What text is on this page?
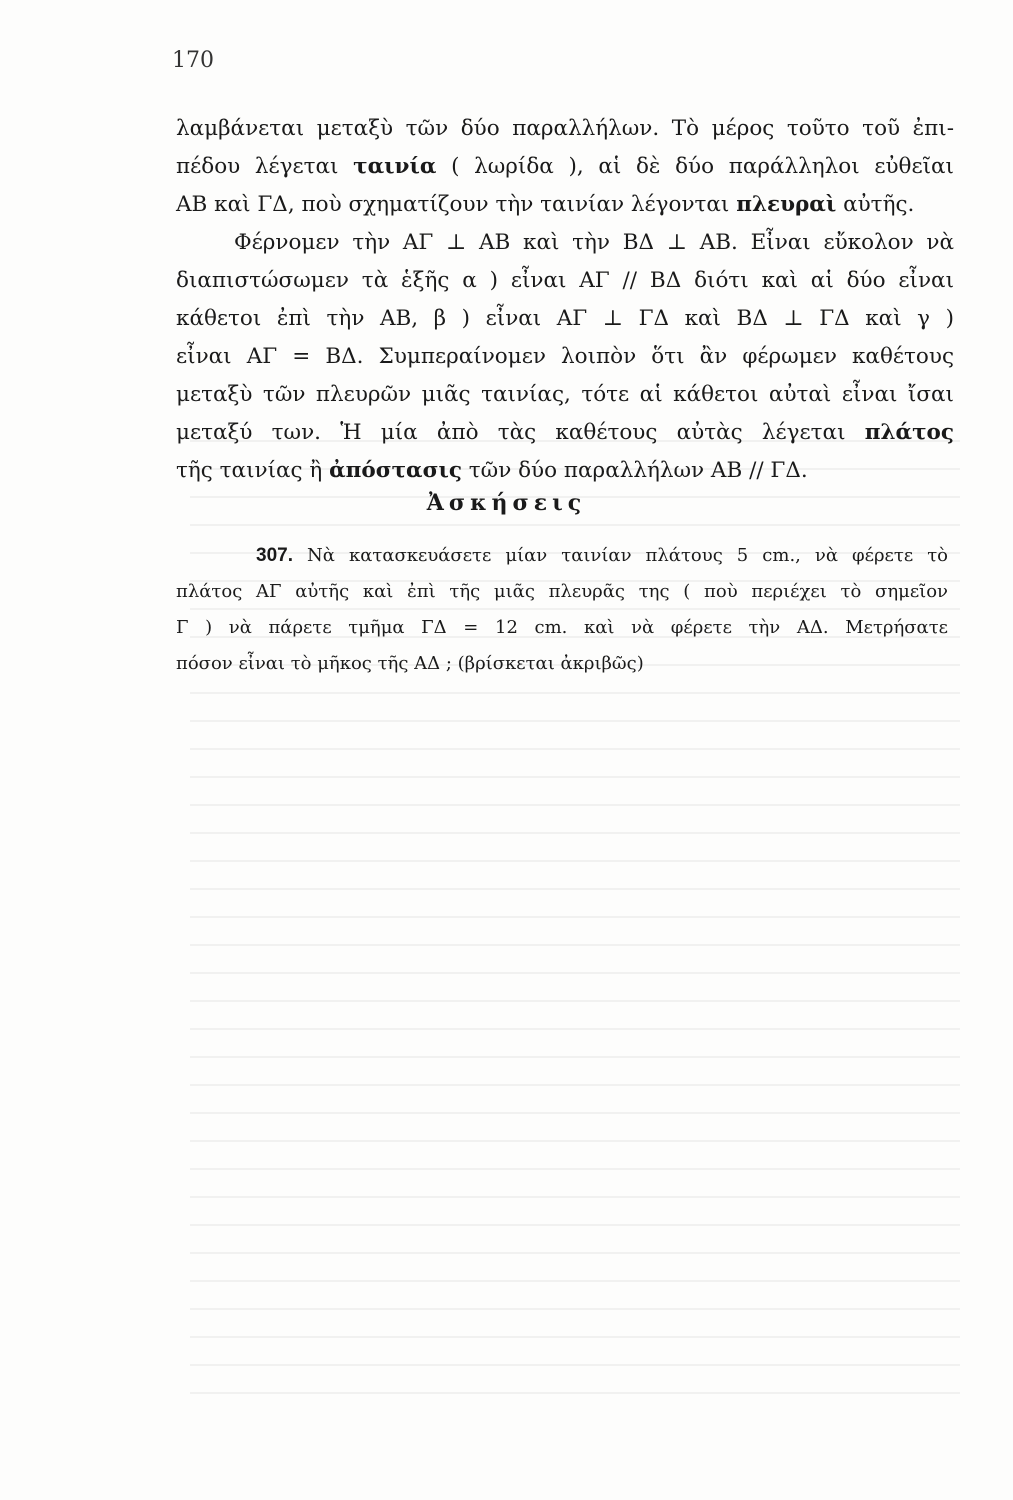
170
λαμβάνεται μεταξὺ τῶν δύο παραλλήλων. Τὸ μέρος τοῦτο τοῦ ἐπι-
πέδου λέγεται ταινία ( λωρίδα ), αἱ δὲ δύο παράλληλοι εὐθεῖαι
ΑΒ καὶ ΓΔ, ποὺ σχηματίζουν τὴν ταινίαν λέγονται πλευραὶ αὐτῆς.
Φέρνομεν τὴν ΑΓ ⊥ ΑΒ καὶ τὴν ΒΔ ⊥ ΑΒ. Εἶναι εὔκολον νὰ
διαπιστώσωμεν τὰ ἑξῆς α ) εἶναι ΑΓ // ΒΔ διότι καὶ αἱ δύο εἶναι
κάθετοι ἐπὶ τὴν ΑΒ, β ) εἶναι ΑΓ ⊥ ΓΔ καὶ ΒΔ ⊥ ΓΔ καὶ γ )
εἶναι ΑΓ = ΒΔ. Συμπεραίνομεν λοιπὸν ὅτι ἂν φέρωμεν καθέτους
μεταξὺ τῶν πλευρῶν μιᾶς ταινίας, τότε αἱ κάθετοι αὐταὶ εἶναι ἴσαι
μεταξύ των. Ἡ μία ἀπὸ τὰς καθέτους αὐτὰς λέγεται πλάτος
τῆς ταινίας ἢ ἀπόστασις τῶν δύο παραλλήλων ΑΒ // ΓΔ.
Ἀσκήσεις
307. Νὰ κατασκευάσετε μίαν ταινίαν πλάτους 5 cm., νὰ φέρετε τὸ
πλάτος ΑΓ αὐτῆς καὶ ἐπὶ τῆς μιᾶς πλευρᾶς της ( ποὺ περιέχει τὸ σημεῖον
Γ ) νὰ πάρετε τμῆμα ΓΔ = 12 cm. καὶ νὰ φέρετε τὴν ΑΔ. Μετρήσατε
πόσον εἶναι τὸ μῆκος τῆς ΑΔ ; (βρίσκεται ἀκριβῶς)
